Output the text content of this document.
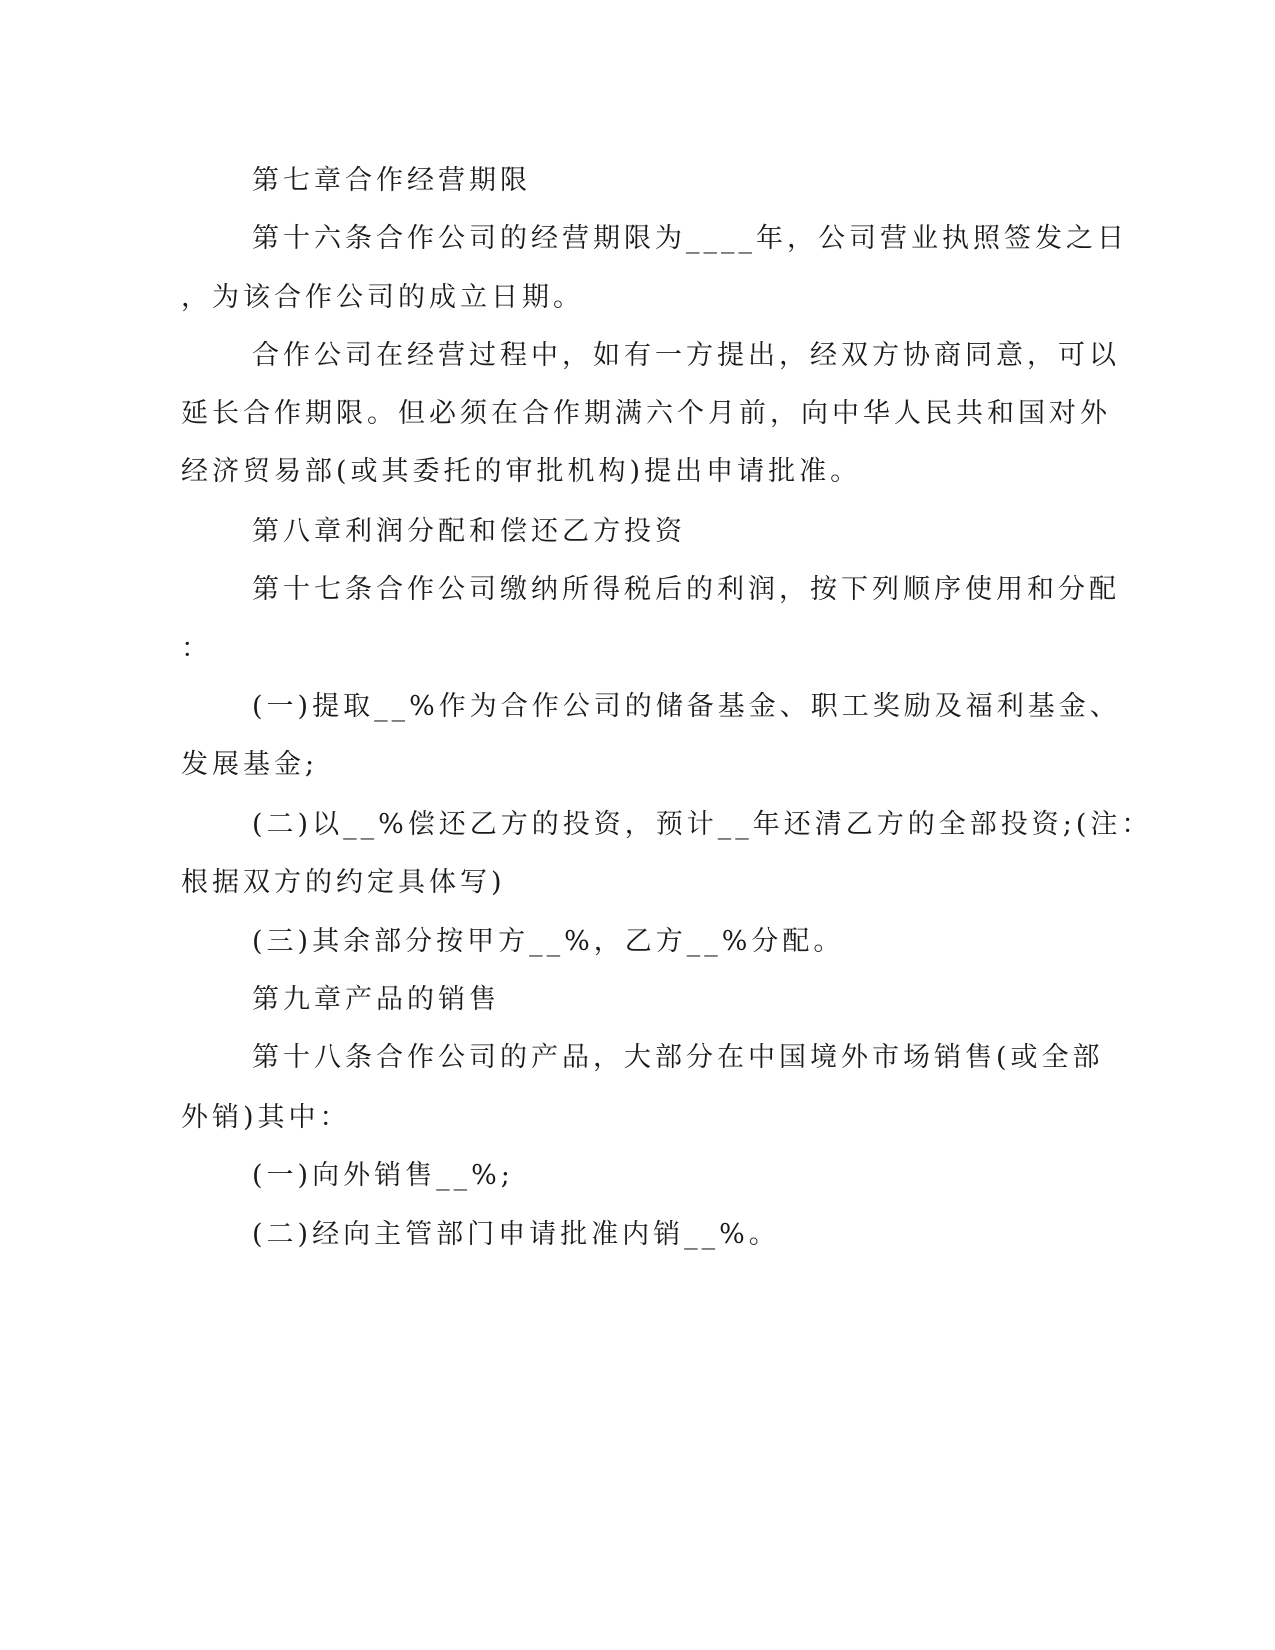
第七章合作经营期限
第十六条合作公司的经营期限为____年，公司营业执照签发之日
，为该合作公司的成立日期。
合作公司在经营过程中，如有一方提出，经双方协商同意，可以
延长合作期限。但必须在合作期满六个月前，向中华人民共和国对外
经济贸易部(或其委托的审批机构)提出申请批准。
第八章利润分配和偿还乙方投资
第十七条合作公司缴纳所得税后的利润，按下列顺序使用和分配
：
(一)提取__%作为合作公司的储备基金、职工奖励及福利基金、
发展基金;
(二)以__%偿还乙方的投资，预计__年还清乙方的全部投资;(注：
根据双方的约定具体写)
(三)其余部分按甲方__%，乙方__%分配。
第九章产品的销售
第十八条合作公司的产品，大部分在中国境外市场销售(或全部
外销)其中：
(一)向外销售__%;
(二)经向主管部门申请批准内销__%。
